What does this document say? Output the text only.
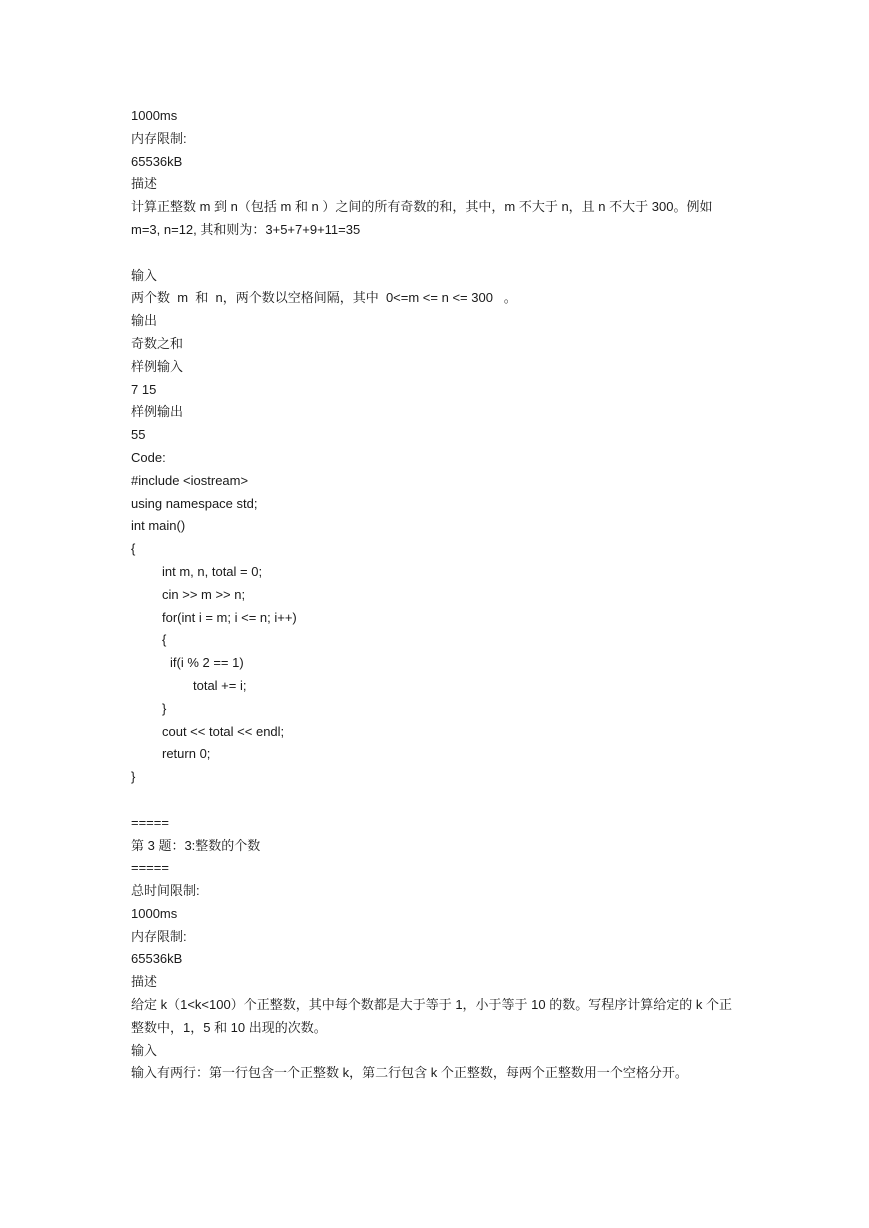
1000ms
内存限制:
65536kB
描述
计算正整数 m 到 n（包括 m 和 n ）之间的所有奇数的和，其中，m 不大于 n，且 n 不大于 300。例如 m=3, n=12, 其和则为：3+5+7+9+11=35
输入
两个数  m  和  n，两个数以空格间隔，其中  0<=m <= n <= 300   。
输出
奇数之和
样例输入
7 15
样例输出
55
Code:
#include <iostream>
using namespace std;
int main()
{
int m, n, total = 0;
cin >> m >> n;
for(int i = m; i <= n; i++)
{
if(i % 2 == 1)
total += i;
}
cout << total << endl;
return 0;
}
=====
第 3 题：3:整数的个数
=====
总时间限制:
1000ms
内存限制:
65536kB
描述
给定 k（1<k<100）个正整数，其中每个数都是大于等于 1，小于等于 10 的数。写程序计算给定的 k 个正整数中，1，5 和 10 出现的次数。
输入
输入有两行：第一行包含一个正整数 k，第二行包含 k 个正整数，每两个正整数用一个空格分开。
